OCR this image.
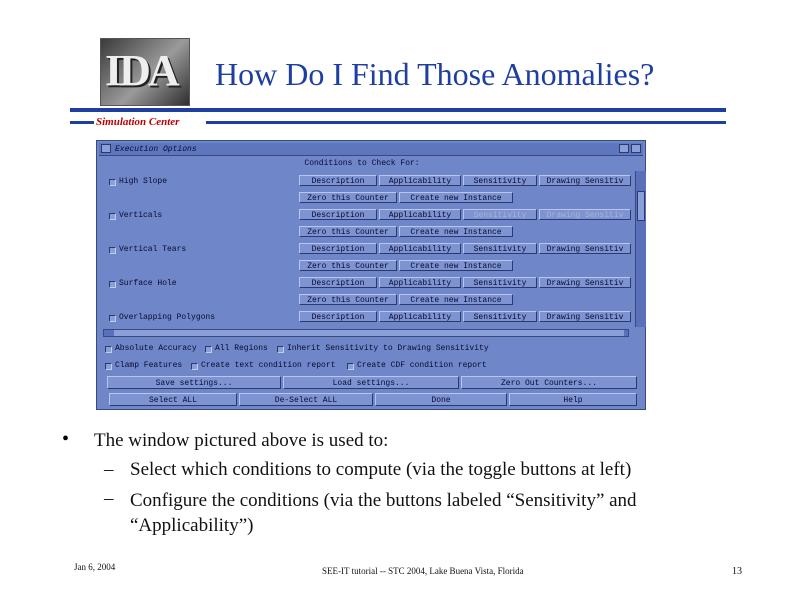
IDA How Do I Find Those Anomalies?
Simulation Center
Execution Options
Conditions to Check For:
High Slope	Description	Applicability	Sensitivity	Drawing Sensitiv
Zero this Counter	Create new Instance
Verticals	Description	Applicability	Sensitivity	Drawing Sensitiv
Zero this Counter	Create new Instance
Vertical Tears	Description	Applicability	Sensitivity	Drawing Sensitiv
Zero this Counter	Create new Instance
Surface Hole	Description	Applicability	Sensitivity	Drawing Sensitiv
Zero this Counter	Create new Instance
Overlapping Polygons	Description	Applicability	Sensitivity	Drawing Sensitiv
Absolute Accuracy All Regions Inherit Sensitivity to Drawing Sensitivity
Clamp Features Create text condition report	Create CDF condition report
Save settings...	Load settings...	Zero Out Counters...
Select ALL	De-Select ALL	Done	Help
• The window pictured above is used to:
– Select which conditions to compute (via the toggle buttons at left)
– Configure the conditions (via the buttons labeled “Sensitivity” and “Applicability”)
Jan 6, 2004	SEE-IT tutorial -- STC 2004, Lake Buena Vista, Florida	13
